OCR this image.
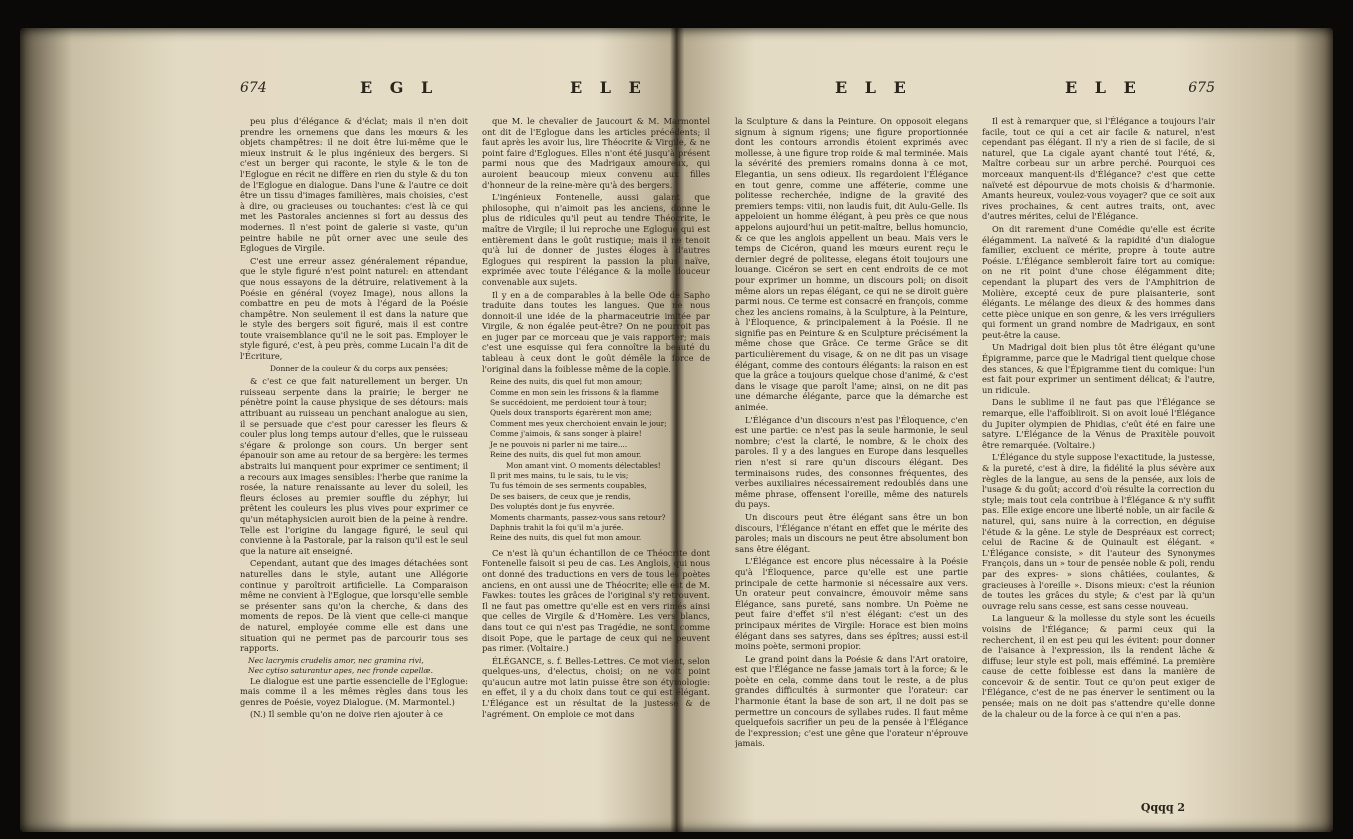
674	E G L	E L E

peu plus d'élégance & d'éclat; mais il n'en doit prendre les ornemens que dans les mœurs & les objets champêtres: il ne doit être lui-même que le mieux instruit & le plus ingénieux des bergers. Si c'est un berger qui raconte, le style & le ton de l'Eglogue en récit ne diffère en rien du style & du ton de l'Eglogue en dialogue. Dans l'une & l'autre ce doit être un tissu d'images familières, mais choisies, c'est à dire, ou gracieuses ou touchantes: c'est là ce qui met les Pastorales anciennes si fort au dessus des modernes. Il n'est point de galerie si vaste, qu'un peintre habile ne pût orner avec une seule des Eglogues de Virgile.

C'est une erreur assez généralement répandue, que le style figuré n'est point naturel: en attendant que nous essayons de la détruire, relativement à la Poésie en général (voyez Image), nous allons la combattre en peu de mots à l'égard de la Poésie champêtre. Non seulement il est dans la nature que le style des bergers soit figuré, mais il est contre toute vraisemblance qu'il ne le soit pas. Employer le style figuré, c'est, à peu près, comme Lucain l'a dit de l'Écriture,

Donner de la couleur & du corps aux pensées;

& c'est ce que fait naturellement un berger. Un ruisseau serpente dans la prairie; le berger ne pénètre point la cause physique de ses détours: mais attribuant au ruisseau un penchant analogue au sien, il se persuade que c'est pour caresser les fleurs & couler plus long temps autour d'elles, que le ruisseau s'égare & prolonge son cours. Un berger sent épanouir son ame au retour de sa bergère: les termes abstraits lui manquent pour exprimer ce sentiment; il a recours aux images sensibles: l'herbe que ranime la rosée, la nature renaissante au lever du soleil, les fleurs écloses au premier souffle du zéphyr, lui prêtent les couleurs les plus vives pour exprimer ce qu'un métaphysicien auroit bien de la peine à rendre. Telle est l'origine du langage figuré, le seul qui convienne à la Pastorale, par la raison qu'il est le seul que la nature ait enseigné.

Cependant, autant que des images détachées sont naturelles dans le style, autant une Allégorie continue y paroîtroit artificielle. La Comparaison même ne convient à l'Eglogue, que lorsqu'elle semble se présenter sans qu'on la cherche, & dans des moments de repos. De là vient que celle-ci manque de naturel, employée comme elle est dans une situation qui ne permet pas de parcourir tous ses rapports.

Nec lacrymis crudelis amor, nec gramina rivi,
Nec cytiso saturantur apes, nec fronde capellæ.

Le dialogue est une partie essencielle de l'Eglogue: mais comme il a les mêmes règles dans tous les genres de Poésie, voyez Dialogue. (M. Marmontel.)

(N.) Il semble qu'on ne doive rien ajouter à ce

que M. le chevalier de Jaucourt & M. Marmontel ont dit de l'Eglogue dans les articles précédents; il faut après les avoir lus, lire Théocrite & Virgile, & ne point faire d'Eglogues. Elles n'ont été jusqu'à présent parmi nous que des Madrigaux amoureux, qui auroient beaucoup mieux convenu aux filles d'honneur de la reine-mère qu'à des bergers.

L'ingénieux Fontenelle, aussi galant que philosophe, qui n'aimoit pas les anciens, donne le plus de ridicules qu'il peut au tendre Théocrite, le maître de Virgile; il lui reproche une Eglogue qui est entièrement dans le goût rustique; mais il ne tenoit qu'à lui de donner de justes éloges à d'autres Eglogues qui respirent la passion la plus naïve, exprimée avec toute l'élégance & la molle douceur convenable aux sujets.

Il y en a de comparables à la belle Ode de Sapho traduite dans toutes les langues. Que ne nous donnoit-il une idée de la pharmaceutrie imitée par Virgile, & non égalée peut-être? On ne pourroit pas en juger par ce morceau que je vais rapporter; mais c'est une esquisse qui fera connoître la beauté du tableau à ceux dont le goût démêle la force de l'original dans la foiblesse même de la copie.

Reine des nuits, dis quel fut mon amour;
Comme en mon sein les frissons & la flamme
Se succédoient, me perdoient tour à tour;
Quels doux transports égarèrent mon ame;
Comment mes yeux cherchoient envain le jour;
Comme j'aimois, & sans songer à plaire!
Je ne pouvois ni parler ni me taire....
Reine des nuits, dis quel fut mon amour.
Mon amant vint. O moments délectables!
Il prit mes mains, tu le sais, tu le vis;
Tu fus témoin de ses serments coupables,
De ses baisers, de ceux que je rendis,
Des voluptés dont je fus enyvrée.
Moments charmants, passez-vous sans retour?
Daphnis trahit la foi qu'il m'a jurée.
Reine des nuits, dis quel fut mon amour.

Ce n'est là qu'un échantillon de ce Théocrite dont Fontenelle faisoit si peu de cas. Les Anglois, qui nous ont donné des traductions en vers de tous les poètes anciens, en ont aussi une de Théocrite; elle est de M. Fawkes: toutes les grâces de l'original s'y retrouvent. Il ne faut pas omettre qu'elle est en vers rimés ainsi que celles de Virgile & d'Homère. Les vers blancs, dans tout ce qui n'est pas Tragédie, ne sont, comme disoit Pope, que le partage de ceux qui ne peuvent pas rimer. (Voltaire.)

ÉLÉGANCE, s. f. Belles-Lettres. Ce mot vient, selon quelques-uns, d'electus, choisi; on ne voit point qu'aucun autre mot latin puisse être son étymologie: en effet, il y a du choix dans tout ce qui est élégant. L'Élégance est un résultat de la justesse & de l'agrément. On emploie ce mot dans

E L E	E L E	675

la Sculpture & dans la Peinture. On opposoit elegans signum à signum rigens; une figure proportionnée dont les contours arrondis étoient exprimés avec mollesse, à une figure trop roide & mal terminée. Mais la sévérité des premiers romains donna à ce mot, Elegantia, un sens odieux. Ils regardoient l'Élégance en tout genre, comme une afféterie, comme une politesse recherchée, indigne de la gravité des premiers temps: vitii, non laudis fuit, dit Aulu-Gelle. Ils appeloient un homme élégant, à peu près ce que nous appelons aujourd'hui un petit-maître, bellus homuncio, & ce que les anglois appellent un beau. Mais vers le temps de Cicéron, quand les mœurs eurent reçu le dernier degré de politesse, elegans étoit toujours une louange. Cicéron se sert en cent endroits de ce mot pour exprimer un homme, un discours poli; on disoit même alors un repas élégant, ce qui ne se diroit guère parmi nous. Ce terme est consacré en françois, comme chez les anciens romains, à la Sculpture, à la Peinture, à l'Éloquence, & principalement à la Poésie. Il ne signifie pas en Peinture & en Sculpture précisément la même chose que Grâce. Ce terme Grâce se dit particulièrement du visage, & on ne dit pas un visage élégant, comme des contours élégants: la raison en est que la grâce a toujours quelque chose d'animé, & c'est dans le visage que paroît l'ame; ainsi, on ne dit pas une démarche élégante, parce que la démarche est animée.

L'Élégance d'un discours n'est pas l'Éloquence, c'en est une partie: ce n'est pas la seule harmonie, le seul nombre; c'est la clarté, le nombre, & le choix des paroles. Il y a des langues en Europe dans lesquelles rien n'est si rare qu'un discours élégant. Des terminaisons rudes, des consonnes fréquentes, des verbes auxiliaires nécessairement redoublés dans une même phrase, offensent l'oreille, même des naturels du pays.

Un discours peut être élégant sans être un bon discours, l'Élégance n'étant en effet que le mérite des paroles; mais un discours ne peut être absolument bon sans être élégant.

L'Élégance est encore plus nécessaire à la Poésie qu'à l'Éloquence, parce qu'elle est une partie principale de cette harmonie si nécessaire aux vers. Un orateur peut convaincre, émouvoir même sans Élégance, sans pureté, sans nombre. Un Poème ne peut faire d'effet s'il n'est élégant: c'est un des principaux mérites de Virgile: Horace est bien moins élégant dans ses satyres, dans ses épîtres; aussi est-il moins poète, sermoni propior.

Le grand point dans la Poésie & dans l'Art oratoire, est que l'Élégance ne fasse jamais tort à la force; & le poète en cela, comme dans tout le reste, a de plus grandes difficultés à surmonter que l'orateur: car l'harmonie étant la base de son art, il ne doit pas se permettre un concours de syllabes rudes. Il faut même quelquefois sacrifier un peu de la pensée à l'Élégance de l'expression; c'est une gêne que l'orateur n'éprouve jamais.

Il est à remarquer que, si l'Élégance a toujours l'air facile, tout ce qui a cet air facile & naturel, n'est cependant pas élégant. Il n'y a rien de si facile, de si naturel, que La cigale ayant chanté tout l'été, &, Maître corbeau sur un arbre perché. Pourquoi ces morceaux manquent-ils d'Élégance? c'est que cette naïveté est dépourvue de mots choisis & d'harmonie. Amants heureux, voulez-vous voyager? que ce soit aux rives prochaines, & cent autres traits, ont, avec d'autres mérites, celui de l'Élégance.

On dit rarement d'une Comédie qu'elle est écrite élégamment. La naïveté & la rapidité d'un dialogue familier, excluent ce mérite, propre à toute autre Poésie. L'Élégance sembleroit faire tort au comique: on ne rit point d'une chose élégamment dite; cependant la plupart des vers de l'Amphitrion de Molière, excepté ceux de pure plaisanterie, sont élégants. Le mélange des dieux & des hommes dans cette pièce unique en son genre, & les vers irréguliers qui forment un grand nombre de Madrigaux, en sont peut-être la cause.

Un Madrigal doit bien plus tôt être élégant qu'une Épigramme, parce que le Madrigal tient quelque chose des stances, & que l'Épigramme tient du comique: l'un est fait pour exprimer un sentiment délicat; & l'autre, un ridicule.

Dans le sublime il ne faut pas que l'Élégance se remarque, elle l'affoibliroit. Si on avoit loué l'Élégance du Jupiter olympien de Phidias, c'eût été en faire une satyre. L'Élégance de la Vénus de Praxitèle pouvoit être remarquée. (Voltaire.)

L'Élégance du style suppose l'exactitude, la justesse, & la pureté, c'est à dire, la fidélité la plus sévère aux règles de la langue, au sens de la pensée, aux lois de l'usage & du goût; accord d'où résulte la correction du style; mais tout cela contribue à l'Élégance & n'y suffit pas. Elle exige encore une liberté noble, un air facile & naturel, qui, sans nuire à la correction, en déguise l'étude & la gêne. Le style de Despréaux est correct; celui de Racine & de Quinault est élégant. « L'Élégance consiste, » dit l'auteur des Synonymes François, dans un » tour de pensée noble & poli, rendu par des expres- » sions châtiées, coulantes, & gracieuses à l'oreille ». Disons mieux: c'est la réunion de toutes les grâces du style; & c'est par là qu'un ouvrage relu sans cesse, est sans cesse nouveau.

La langueur & la mollesse du style sont les écueils voisins de l'Élégance; & parmi ceux qui la recherchent, il en est peu qui les évitent: pour donner de l'aisance à l'expression, ils la rendent lâche & diffuse; leur style est poli, mais efféminé. La première cause de cette foiblesse est dans la manière de concevoir & de sentir. Tout ce qu'on peut exiger de l'Élégance, c'est de ne pas énerver le sentiment ou la pensée; mais on ne doit pas s'attendre qu'elle donne de la chaleur ou de la force à ce qui n'en a pas.

Qqqq 2
